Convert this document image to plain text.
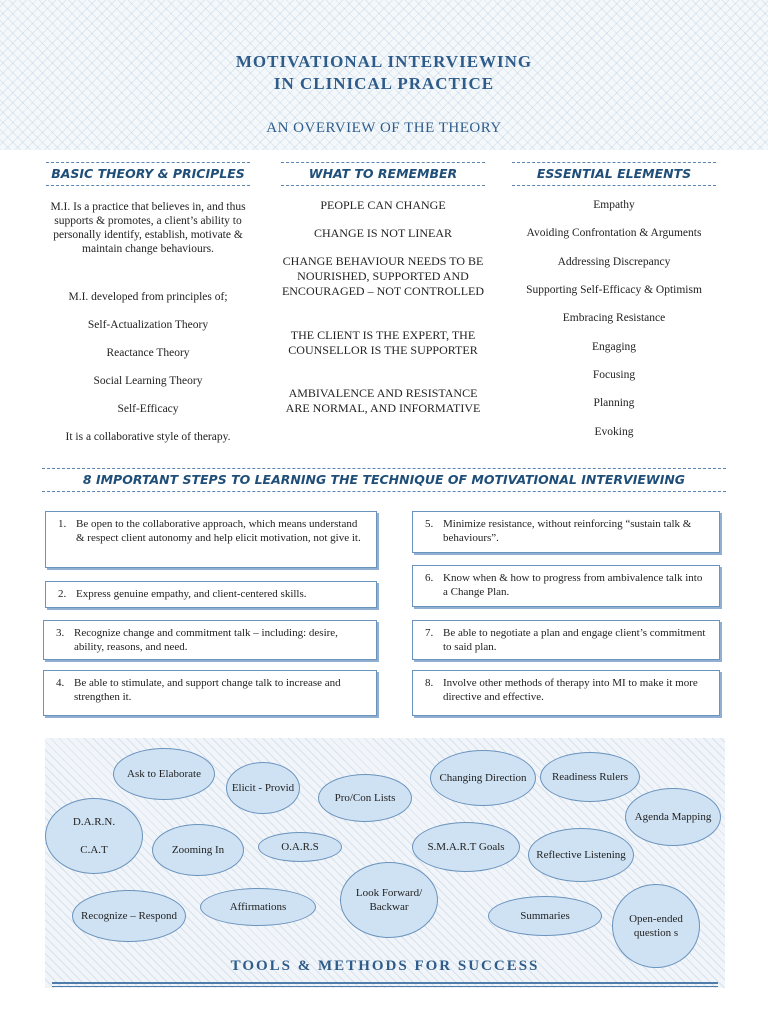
MOTIVATIONAL INTERVIEWING
IN CLINICAL PRACTICE
AN OVERVIEW OF THE THEORY
BASIC THEORY & PRICIPLES
M.I. Is a practice that believes in, and thus supports & promotes, a client’s ability to personally identify, establish, motivate & maintain change behaviours.
M.I. developed from principles of;
Self-Actualization Theory
Reactance Theory
Social Learning Theory
Self-Efficacy
It is a collaborative style of therapy.
WHAT TO REMEMBER
PEOPLE CAN CHANGE
CHANGE IS NOT LINEAR
CHANGE BEHAVIOUR NEEDS TO BE NOURISHED, SUPPORTED AND ENCOURAGED – NOT CONTROLLED
THE CLIENT IS THE EXPERT, THE COUNSELLOR IS THE SUPPORTER
AMBIVALENCE AND RESISTANCE ARE NORMAL, AND INFORMATIVE
ESSENTIAL ELEMENTS
Empathy
Avoiding Confrontation & Arguments
Addressing Discrepancy
Supporting Self-Efficacy & Optimism
Embracing Resistance
Engaging
Focusing
Planning
Evoking
8 IMPORTANT STEPS TO LEARNING THE TECHNIQUE OF MOTIVATIONAL INTERVIEWING
1. Be open to the collaborative approach, which means understand & respect client autonomy and help elicit motivation, not give it.
2. Express genuine empathy, and client-centered skills.
3. Recognize change and commitment talk – including: desire, ability, reasons, and need.
4. Be able to stimulate, and support change talk to increase and strengthen it.
5. Minimize resistance, without reinforcing “sustain talk & behaviours”.
6. Know when & how to progress from ambivalence talk into a Change Plan.
7. Be able to negotiate a plan and engage client’s commitment to said plan.
8. Involve other methods of therapy into MI to make it more directive and effective.
Ask to Elaborate
Elicit - Provid
Pro/Con Lists
Changing Direction	Readiness Rulers
Agenda Mapping
D.A.R.N.

C.A.T	Zooming In	O.A.R.S	S.M.A.R.T Goals
Reflective Listening
Look Forward/ Backwar
Recognize – Respond
Affirmations
Summaries	Open-ended question s
TOOLS & METHODS FOR SUCCESS
